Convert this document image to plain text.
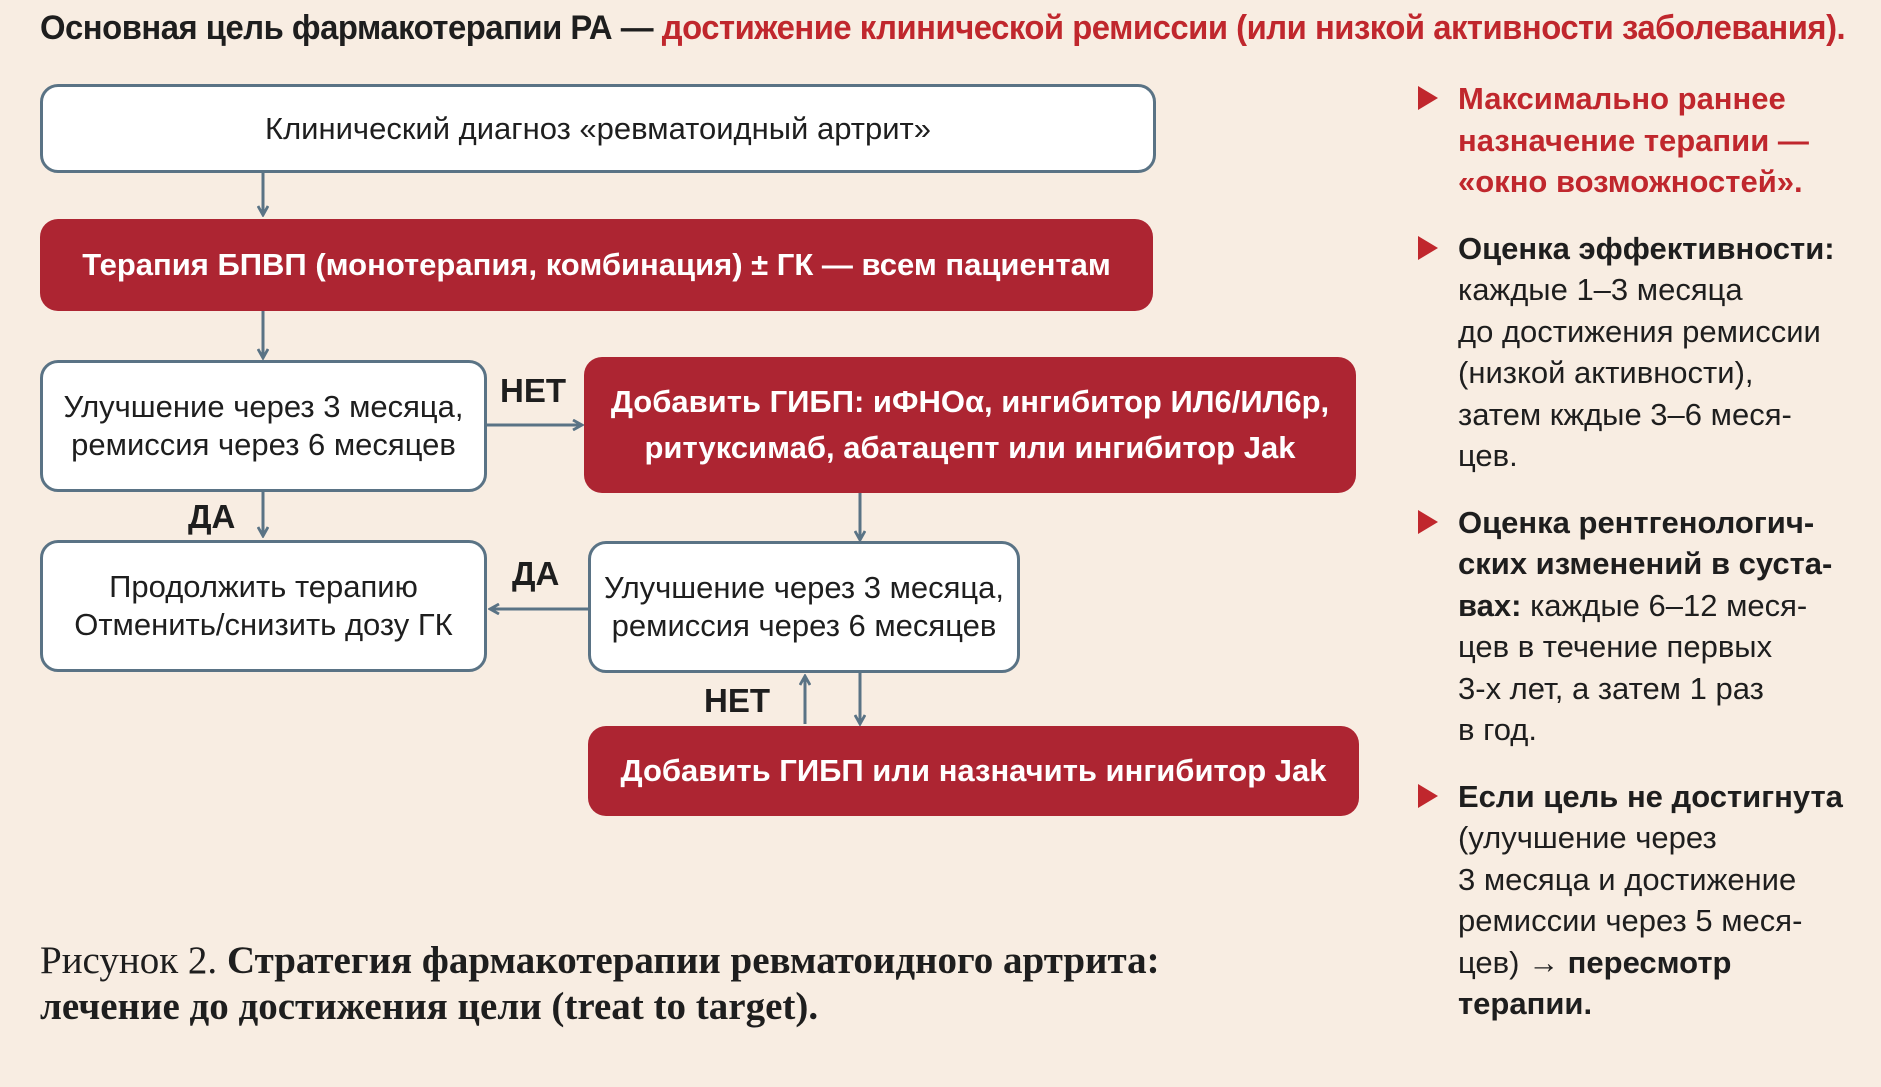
Основная цель фармакотерапии РА — достижение клинической ремиссии (или низкой активности заболевания).
Клинический диагноз «ревматоидный артрит»
Терапия БПВП (монотерапия, комбинация) ± ГК — всем пациентам
Улучшение через 3 месяца,
ремиссия через 6 месяцев
Добавить ГИБП: иФНОα, ингибитор ИЛ6/ИЛ6р,
ритуксимаб, абатацепт или ингибитор Jak
Продолжить терапию
Отменить/снизить дозу ГК
Улучшение через 3 месяца,
ремиссия через 6 месяцев
Добавить ГИБП или назначить ингибитор Jak
НЕТ
ДА
ДА
НЕТ
Рисунок 2. Стратегия фармакотерапии ревматоидного артрита:
лечение до достижения цели (treat to target).
Максимально раннее
назначение терапии —
«окно возможностей».
Оценка эффективности:
каждые 1–3 месяца
до достижения ремиссии
(низкой активности),
затем кждые 3–6 меся-
цев.
Оценка рентгенологич-
ских изменений в суста-
вах: каждые 6–12 меся-
цев в течение первых
3-х лет, а затем 1 раз
в год.
Если цель не достигнута
(улучшение через
3 месяца и достижение
ремиссии через 5 меся-
цев) → пересмотр
терапии.
